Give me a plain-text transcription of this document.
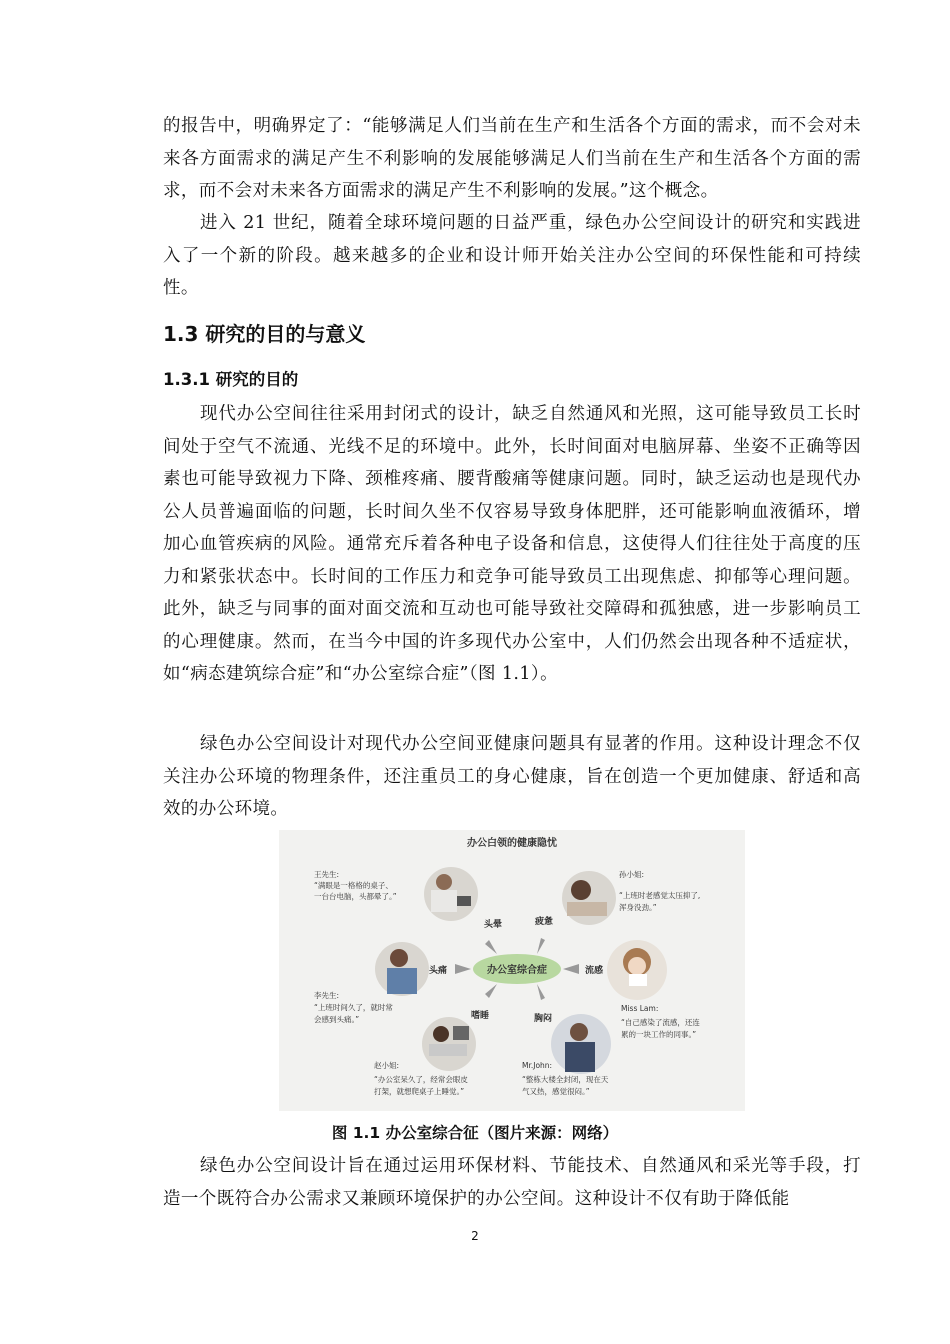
的报告中，明确界定了：“能够满足人们当前在生产和生活各个方面的需求，而不会对未来各方面需求的满足产生不利影响的发展能够满足人们当前在生产和生活各个方面的需求，而不会对未来各方面需求的满足产生不利影响的发展。”这个概念。

进入 21 世纪，随着全球环境问题的日益严重，绿色办公空间设计的研究和实践进入了一个新的阶段。越来越多的企业和设计师开始关注办公空间的环保性能和可持续性。

1.3 研究的目的与意义
1.3.1 研究的目的

现代办公空间往往采用封闭式的设计，缺乏自然通风和光照，这可能导致员工长时间处于空气不流通、光线不足的环境中。此外，长时间面对电脑屏幕、坐姿不正确等因素也可能导致视力下降、颈椎疼痛、腰背酸痛等健康问题。同时，缺乏运动也是现代办公人员普遍面临的问题，长时间久坐不仅容易导致身体肥胖，还可能影响血液循环，增加心血管疾病的风险。通常充斥着各种电子设备和信息，这使得人们往往处于高度的压力和紧张状态中。长时间的工作压力和竞争可能导致员工出现焦虑、抑郁等心理问题。此外，缺乏与同事的面对面交流和互动也可能导致社交障碍和孤独感，进一步影响员工的心理健康。然而，在当今中国的许多现代办公室中，人们仍然会出现各种不适症状，如“病态建筑综合症”和“办公室综合症”（图 1.1）。

绿色办公空间设计对现代办公空间亚健康问题具有显著的作用。这种设计理念不仅关注办公环境的物理条件，还注重员工的身心健康，旨在创造一个更加健康、舒适和高效的办公环境。

办公白领的健康隐忧
办公室综合症
头晕	疲惫
头痛	流感
嗜睡	胸闷
王先生:
“满眼是一格格的桌子、
一台台电脑，头都晕了。”
孙小姐:
“上班时老感觉太压抑了,
浑身没劲。”
李先生:
“上班时间久了，就时常
会感到头痛。”
Miss Lam:
“自己感染了流感，还连
累的一块工作的同事。”
赵小姐:
“办公室呆久了，经常会眼皮
打架，就想爬桌子上睡觉。”
Mr.John:
“整栋大楼全封闭，现在天
气又热，感觉很闷。”
图 1.1 办公室综合征（图片来源：网络）

绿色办公空间设计旨在通过运用环保材料、节能技术、自然通风和采光等手段，打造一个既符合办公需求又兼顾环境保护的办公空间。这种设计不仅有助于降低能

2
